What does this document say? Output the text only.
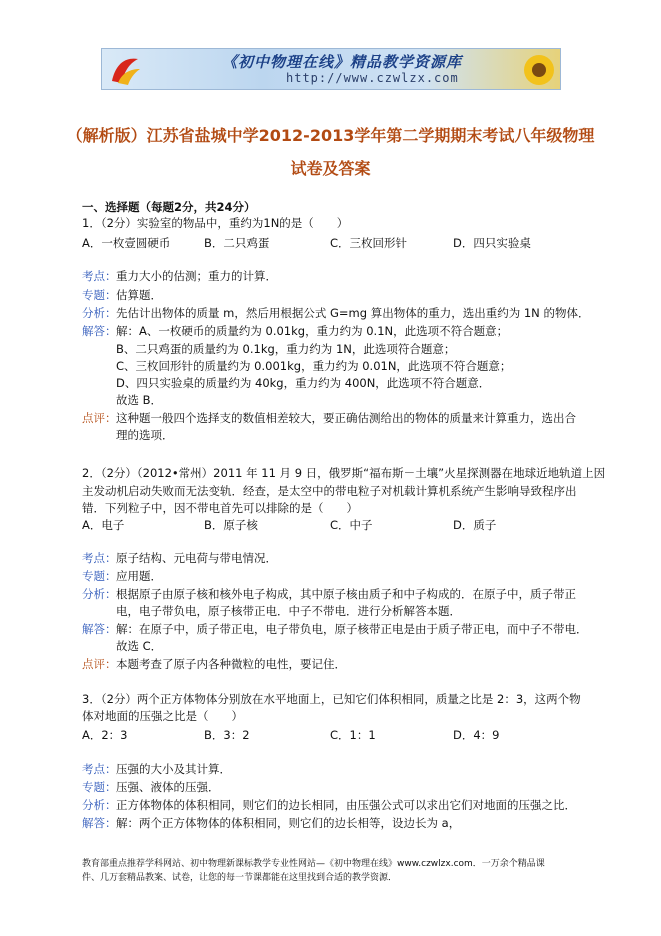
《初中物理在线》精品教学资源库
http://www.czwlzx.com
（解析版）江苏省盐城中学2012-2013学年第二学期期末考试八年级物理
试卷及答案
一、选择题（每题2分，共24分）
1．（2分）实验室的物品中，重约为1N的是（　　）
A．一枚壹圆硬币	B．二只鸡蛋	C．三枚回形针	D．四只实验桌
考点： 重力大小的估测；重力的计算．
专题： 估算题．
分析： 先估计出物体的质量 m，然后用根据公式 G=mg 算出物体的重力，选出重约为 1N 的物体．
解答： 解：A、一枚硬币的质量约为 0.01kg，重力约为 0.1N，此选项不符合题意；
B、二只鸡蛋的质量约为 0.1kg，重力约为 1N，此选项符合题意；
C、三枚回形针的质量约为 0.001kg，重力约为 0.01N，此选项不符合题意；
D、四只实验桌的质量约为 40kg，重力约为 400N，此选项不符合题意．
故选 B．
点评： 这种题一般四个选择支的数值相差较大，要正确估测给出的物体的质量来计算重力，选出合
理的选项．
2．（2分）（2012•常州）2011 年 11 月 9 日，俄罗斯“福布斯－土壤”火星探测器在地球近地轨道上因
主发动机启动失败而无法变轨．经查，是太空中的带电粒子对机载计算机系统产生影响导致程序出
错．下列粒子中，因不带电首先可以排除的是（　　）
A．电子	B．原子核	C．中子	D．质子
考点： 原子结构、元电荷与带电情况．
专题： 应用题．
分析： 根据原子由原子核和核外电子构成，其中原子核由质子和中子构成的．在原子中，质子带正
电，电子带负电，原子核带正电．中子不带电．进行分析解答本题．
解答： 解：在原子中，质子带正电，电子带负电，原子核带正电是由于质子带正电，而中子不带电．
故选 C．
点评： 本题考查了原子内各种微粒的电性，要记住．
3．（2分）两个正方体物体分别放在水平地面上，已知它们体积相同，质量之比是 2：3，这两个物
体对地面的压强之比是（　　）
A．2：3	B．3：2	C．1：1	D．4：9
考点： 压强的大小及其计算．
专题： 压强、液体的压强．
分析： 正方体物体的体积相同，则它们的边长相同，由压强公式可以求出它们对地面的压强之比．
解答： 解：两个正方体物体的体积相同，则它们的边长相等，设边长为 a，
教育部重点推荐学科网站、初中物理新课标教学专业性网站—《初中物理在线》www.czwlzx.com．一万余个精品课
件、几万套精品教案、试卷，让您的每一节课都能在这里找到合适的教学资源．
